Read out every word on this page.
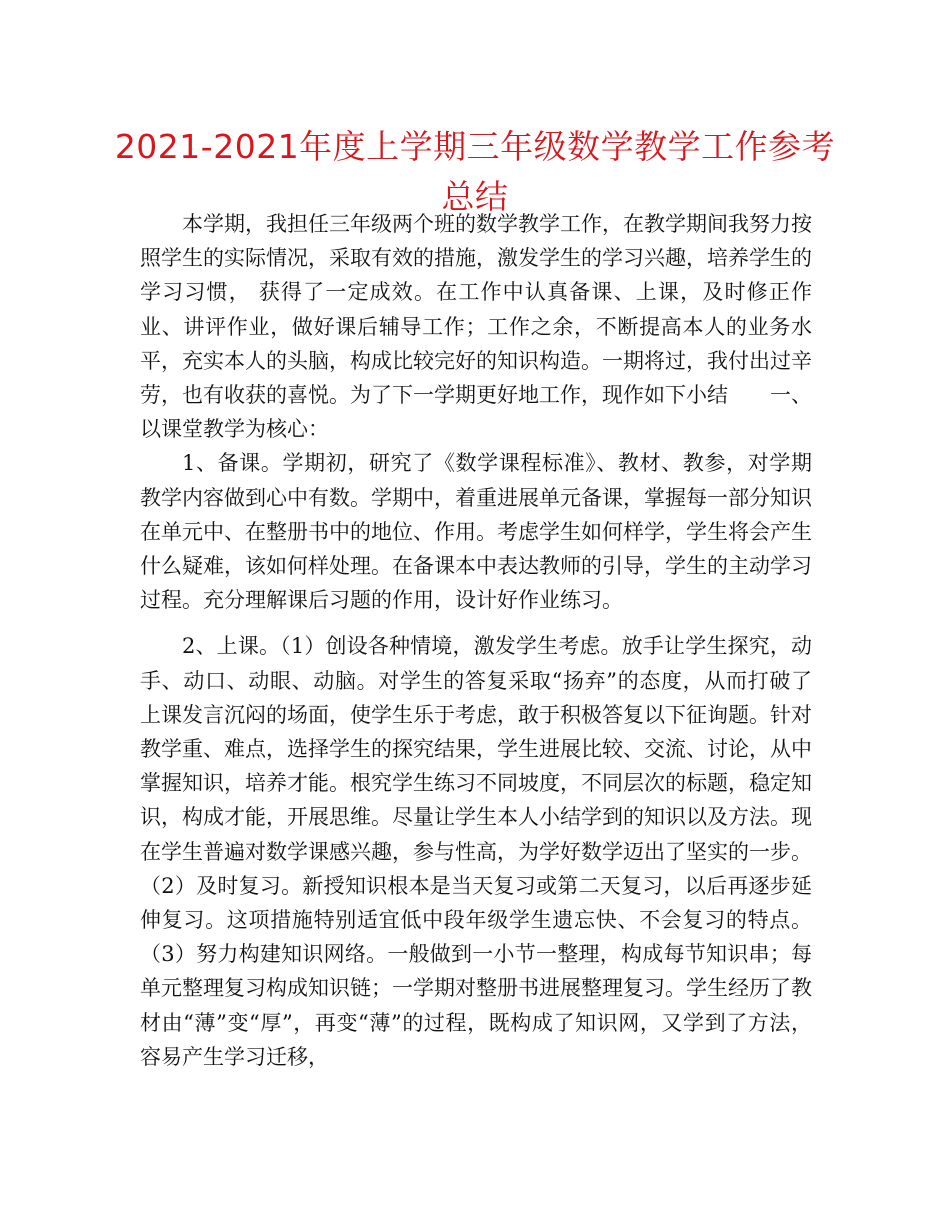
2021-2021年度上学期三年级数学教学工作参考总结

本学期，我担任三年级两个班的数学教学工作，在教学期间我努力按照学生的实际情况，采取有效的措施，激发学生的学习兴趣，培养学生的学习习惯， 获得了一定成效。在工作中认真备课、上课，及时修正作业、讲评作业，做好课后辅导工作；工作之余，不断提高本人的业务水平，充实本人的头脑，构成比较完好的知识构造。一期将过，我付出过辛劳，也有收获的喜悦。为了下一学期更好地工作，现作如下小结　　一、以课堂教学为核心：

1、备课。学期初，研究了《数学课程标准》、教材、教参，对学期教学内容做到心中有数。学期中，着重进展单元备课，掌握每一部分知识在单元中、在整册书中的地位、作用。考虑学生如何样学，学生将会产生什么疑难，该如何样处理。在备课本中表达教师的引导，学生的主动学习过程。充分理解课后习题的作用，设计好作业练习。

2、上课。（1）创设各种情境，激发学生考虑。放手让学生探究，动手、动口、动眼、动脑。对学生的答复采取“扬弃”的态度，从而打破了上课发言沉闷的场面，使学生乐于考虑，敢于积极答复以下征询题。针对教学重、难点，选择学生的探究结果，学生进展比较、交流、讨论，从中掌握知识，培养才能。根究学生练习不同坡度，不同层次的标题，稳定知识，构成才能，开展思维。尽量让学生本人小结学到的知识以及方法。现在学生普遍对数学课感兴趣，参与性高，为学好数学迈出了坚实的一步。（2）及时复习。新授知识根本是当天复习或第二天复习，以后再逐步延伸复习。这项措施特别适宜低中段年级学生遗忘快、不会复习的特点。（3）努力构建知识网络。一般做到一小节一整理，构成每节知识串；每单元整理复习构成知识链；一学期对整册书进展整理复习。学生经历了教材由“薄”变“厚”，再变“薄”的过程，既构成了知识网，又学到了方法，容易产生学习迁移，
